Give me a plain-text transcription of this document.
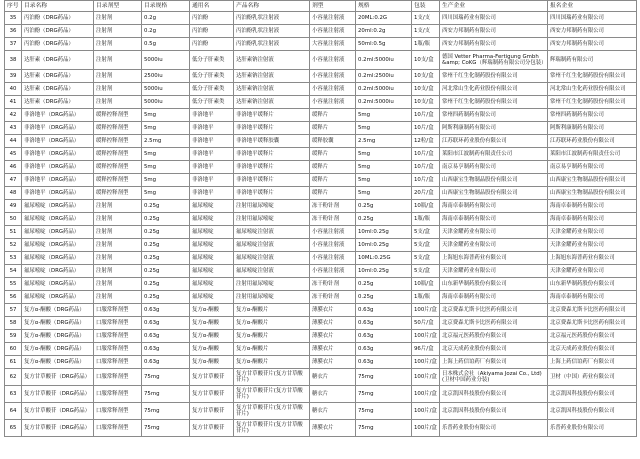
序号	目录名称	目录剂型	目录规格	通用名	产品名称	剂型	规格	包装	生产企业	报名企业
35	丙泊酚（DRG药品）	注射剂	0.2g	丙泊酚	丙泊酚乳状注射液	小容量注射液	20ML:0.2G	1支/支	四川国瑞药业有限公司	四川国瑞药业有限公司
36	丙泊酚（DRG药品）	注射剂	0.2g	丙泊酚	丙泊酚乳状注射液	小容量注射液	20ml:0.2g	1支/支	西安力邦制药有限公司	西安力邦制药有限公司
37	丙泊酚（DRG药品）	注射剂	0.5g	丙泊酚	丙泊酚乳状注射液	大容量注射液	50ml:0.5g	1瓶/瓶	西安力邦制药有限公司	西安力邦制药有限公司
38	达肝素（DRG药品）	注射剂	5000iu	低分子肝素类	达肝素钠注射液	小容量注射液	0.2ml:5000iu	10支/盒	德国 Vetter Pharma-Fertigung Gmbh &amp; CoKG（辉瑞制药有限公司分包装）	辉瑞制药有限公司
39	达肝素（DRG药品）	注射剂	2500iu	低分子肝素类	达肝素钠注射液	小容量注射液	0.2ml:2500iu	10支/盒	常州千红生化制药股份有限公司	常州千红生化制药股份有限公司
40	达肝素（DRG药品）	注射剂	5000iu	低分子肝素类	达肝素钠注射液	小容量注射液	0.2ml:5000iu	10支/盒	河北常山生化药业股份有限公司	河北常山生化药业股份有限公司
41	达肝素（DRG药品）	注射剂	5000iu	低分子肝素类	达肝素钠注射液	小容量注射液	0.2ml:5000iu	10支/盒	常州千红生化制药股份有限公司	常州千红生化制药股份有限公司
42	非洛地平（DRG药品）	缓释控释剂型	5mg	非洛地平	非洛地平缓释片	缓释片	5mg	10片/盒	常州四药制药有限公司	常州四药制药有限公司
43	非洛地平（DRG药品）	缓释控释剂型	5mg	非洛地平	非洛地平缓释片	缓释片	5mg	10片/盒	阿斯利康制药有限公司	阿斯利康制药有限公司
44	非洛地平（DRG药品）	缓释控释剂型	2.5mg	非洛地平	非洛地平缓释胶囊	缓释胶囊	2.5mg	12粒/盒	江苏联环药业股份有限公司	江苏联环药业股份有限公司
45	非洛地平（DRG药品）	缓释控释剂型	5mg	非洛地平	非洛地平缓释片	缓释片	5mg	10片/盒	莱阳市江波制药有限责任公司	莱阳市江波制药有限责任公司
46	非洛地平（DRG药品）	缓释控释剂型	5mg	非洛地平	非洛地平缓释片	缓释片	5mg	10片/盒	南京易亨制药有限公司	南京易亨制药有限公司
47	非洛地平（DRG药品）	缓释控释剂型	5mg	非洛地平	非洛地平缓释片	缓释片	5mg	10片/盒	山西康宝生物制品股份有限公司	山西康宝生物制品股份有限公司
48	非洛地平（DRG药品）	缓释控释剂型	5mg	非洛地平	非洛地平缓释片	缓释片	5mg	20片/盒	山西康宝生物制品股份有限公司	山西康宝生物制品股份有限公司
49	氟尿嘧啶（DRG药品）	注射剂	0.25g	氟尿嘧啶	注射用氟尿嘧啶	冻干粉针剂	0.25g	10瓶/盒	海南卓泰制药有限公司	海南卓泰制药有限公司
50	氟尿嘧啶（DRG药品）	注射剂	0.25g	氟尿嘧啶	注射用氟尿嘧啶	冻干粉针剂	0.25g	1瓶/瓶	海南卓泰制药有限公司	海南卓泰制药有限公司
51	氟尿嘧啶（DRG药品）	注射剂	0.25g	氟尿嘧啶	氟尿嘧啶注射液	小容量注射液	10ml:0.25g	5支/盒	天津金耀药业有限公司	天津金耀药业有限公司
52	氟尿嘧啶（DRG药品）	注射剂	0.25g	氟尿嘧啶	氟尿嘧啶注射液	小容量注射液	10ml:0.25g	5支/盒	天津金耀药业有限公司	天津金耀药业有限公司
53	氟尿嘧啶（DRG药品）	注射剂	0.25g	氟尿嘧啶	氟尿嘧啶注射液	小容量注射液	10ML:0.25G	5支/盒	上海旭东海普药业有限公司	上海旭东海普药业有限公司
54	氟尿嘧啶（DRG药品）	注射剂	0.25g	氟尿嘧啶	氟尿嘧啶注射液	小容量注射液	10ml:0.25g	5支/盒	天津金耀药业有限公司	天津金耀药业有限公司
55	氟尿嘧啶（DRG药品）	注射剂	0.25g	氟尿嘧啶	注射用氟尿嘧啶	冻干粉针剂	0.25g	10瓶/盒	山东新华制药股份有限公司	山东新华制药股份有限公司
56	氟尿嘧啶（DRG药品）	注射剂	0.25g	氟尿嘧啶	注射用氟尿嘧啶	冻干粉针剂	0.25g	1瓶/瓶	海南卓泰制药有限公司	海南卓泰制药有限公司
57	复方α-酮酸（DRG药品）	口服常释剂型	0.63g	复方α-酮酸	复方α-酮酸片	薄膜衣片	0.63g	100片/盒	北京费森尤斯卡比医药有限公司	北京费森尤斯卡比医药有限公司
58	复方α-酮酸（DRG药品）	口服常释剂型	0.63g	复方α-酮酸	复方α-酮酸片	薄膜衣片	0.63g	50片/盒	北京费森尤斯卡比医药有限公司	北京费森尤斯卡比医药有限公司
59	复方α-酮酸（DRG药品）	口服常释剂型	0.63g	复方α-酮酸	复方α-酮酸片	薄膜衣片	0.63g	100片/盒	北京福元医药股份有限公司	北京福元医药股份有限公司
60	复方α-酮酸（DRG药品）	口服常释剂型	0.63g	复方α-酮酸	复方α-酮酸片	薄膜衣片	0.63g	96片/盒	北京天成药业股份有限公司	北京天成药业股份有限公司
61	复方α-酮酸（DRG药品）	口服常释剂型	0.63g	复方α-酮酸	复方α-酮酸片	薄膜衣片	0.63g	100片/盒	上海上药信谊药厂有限公司	上海上药信谊药厂有限公司
62	复方甘草酸苷（DRG药品）	口服常释剂型	75mg	复方甘草酸苷	复方甘草酸苷片(复方甘草酸苷片)	糖衣片	75mg	100片/盒	日本株式会社（Akiyama Jozai Co., Ltd)(卫材中国药业分装)	卫材（中国）药业有限公司
63	复方甘草酸苷（DRG药品）	口服常释剂型	75mg	复方甘草酸苷	复方甘草酸苷片(复方甘草酸苷片)	糖衣片	75mg	100片/盒	北京凯因科技股份有限公司	北京凯因科技股份有限公司
64	复方甘草酸苷（DRG药品）	口服常释剂型	75mg	复方甘草酸苷	复方甘草酸苷片(复方甘草酸苷片)	糖衣片	75mg	100片/盒	北京凯因科技股份有限公司	北京凯因科技股份有限公司
65	复方甘草酸苷（DRG药品）	口服常释剂型	75mg	复方甘草酸苷	复方甘草酸苷片(复方甘草酸苷片)	薄膜衣片	75mg	100片/盒	乐普药业股份有限公司	乐普药业股份有限公司
